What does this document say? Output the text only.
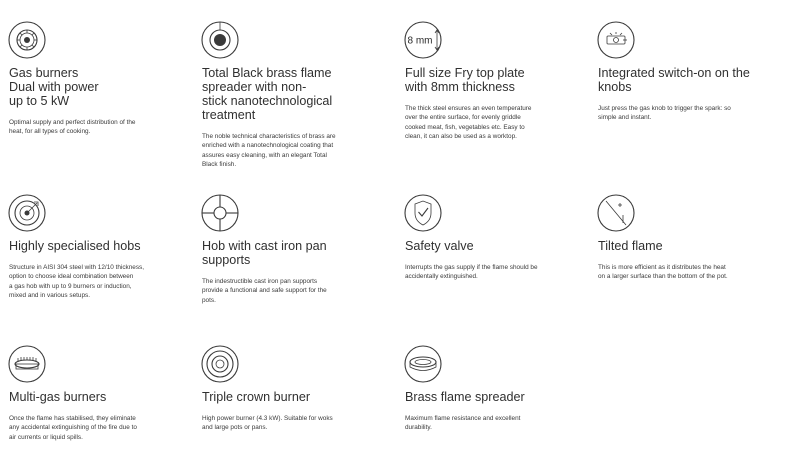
Gas burners
Dual with power
up to 5 kW
Optimal supply and perfect distribution of the
heat, for all types of cooking.
Total Black brass flame
spreader with non-
stick nanotechnological
treatment
The noble technical characteristics of brass are
enriched with a nanotechnological coating that
assures easy cleaning, with an elegant Total
Black finish.
8 mm
Full size Fry top plate
with 8mm thickness
The thick steel ensures an even temperature
over the entire surface, for evenly griddle
cooked meat, fish, vegetables etc. Easy to
clean, it can also be used as a worktop.
Integrated switch-on on the
knobs
Just press the gas knob to trigger the spark: so
simple and instant.
Highly specialised hobs
Structure in AISI 304 steel with 12/10 thickness,
option to choose ideal combination between
a gas hob with up to 9 burners or induction,
mixed and in various setups.
Hob with cast iron pan
supports
The indestructible cast iron pan supports
provide a functional and safe support for the
pots.
Safety valve
Interrupts the gas supply if the flame should be
accidentally extinguished.
Tilted flame
This is more efficient as it distributes the heat
on a larger surface than the bottom of the pot.
Multi-gas burners
Once the flame has stabilised, they eliminate
any accidental extinguishing of the fire due to
air currents or liquid spills.
Triple crown burner
High power burner (4.3 kW). Suitable for woks
and large pots or pans.
Brass flame spreader
Maximum flame resistance and excellent
durability.
